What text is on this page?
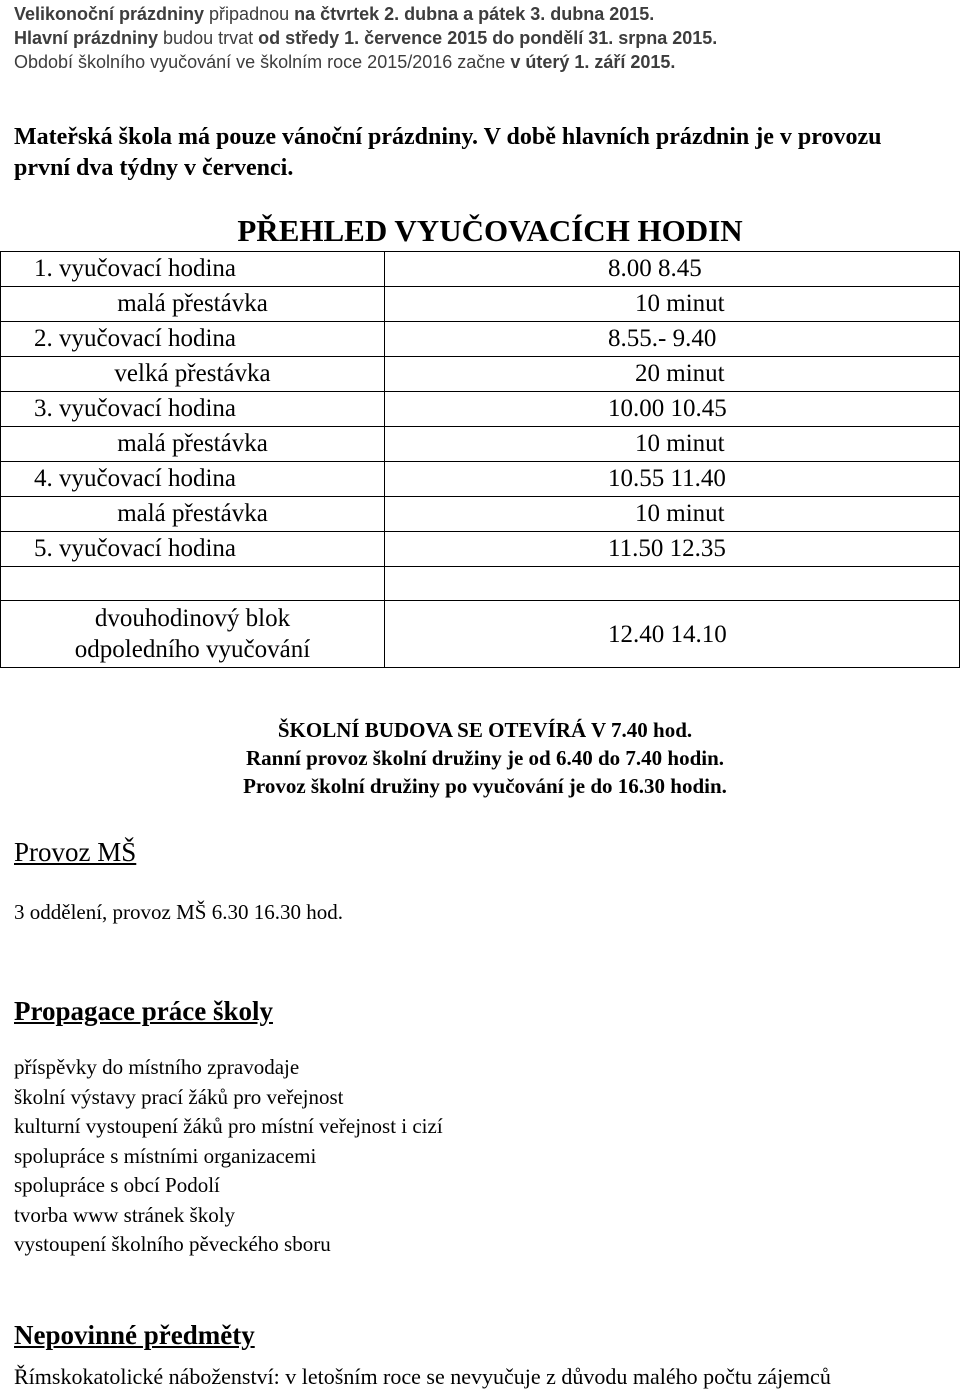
Velikonoční prázdniny připadnou na čtvrtek 2. dubna a pátek 3. dubna 2015.
Hlavní prázdniny budou trvat od středy 1. července 2015 do pondělí 31. srpna 2015.
Období školního vyučování ve školním roce 2015/2016 začne v úterý 1. září 2015.
Mateřská škola má pouze vánoční prázdniny. V době hlavních prázdnin je v provozu
první dva týdny v červenci.
PŘEHLED VYUČOVACÍCH HODIN
1. vyučovací hodina	8.00 8.45
malá přestávka	10 minut
2. vyučovací hodina	8.55.- 9.40
velká přestávka	20 minut
3. vyučovací hodina	10.00 10.45
malá přestávka	10 minut
4. vyučovací hodina	10.55 11.40
malá přestávka	10 minut
5. vyučovací hodina	11.50 12.35

dvouhodinový blok
odpoledního vyučování	12.40 14.10
ŠKOLNÍ BUDOVA SE OTEVÍRÁ V 7.40 hod.
Ranní provoz školní družiny je od 6.40 do 7.40 hodin.
Provoz školní družiny po vyučování je do 16.30 hodin.
Provoz MŠ
3 oddělení, provoz MŠ 6.30 16.30 hod.
Propagace práce školy
příspěvky do místního zpravodaje
školní výstavy prací žáků pro veřejnost
kulturní vystoupení žáků pro místní veřejnost i cizí
spolupráce s místními organizacemi
spolupráce s obcí Podolí
tvorba www stránek školy
vystoupení školního pěveckého sboru
Nepovinné předměty
Římskokatolické náboženství: v letošním roce se nevyučuje z důvodu malého počtu zájemců
